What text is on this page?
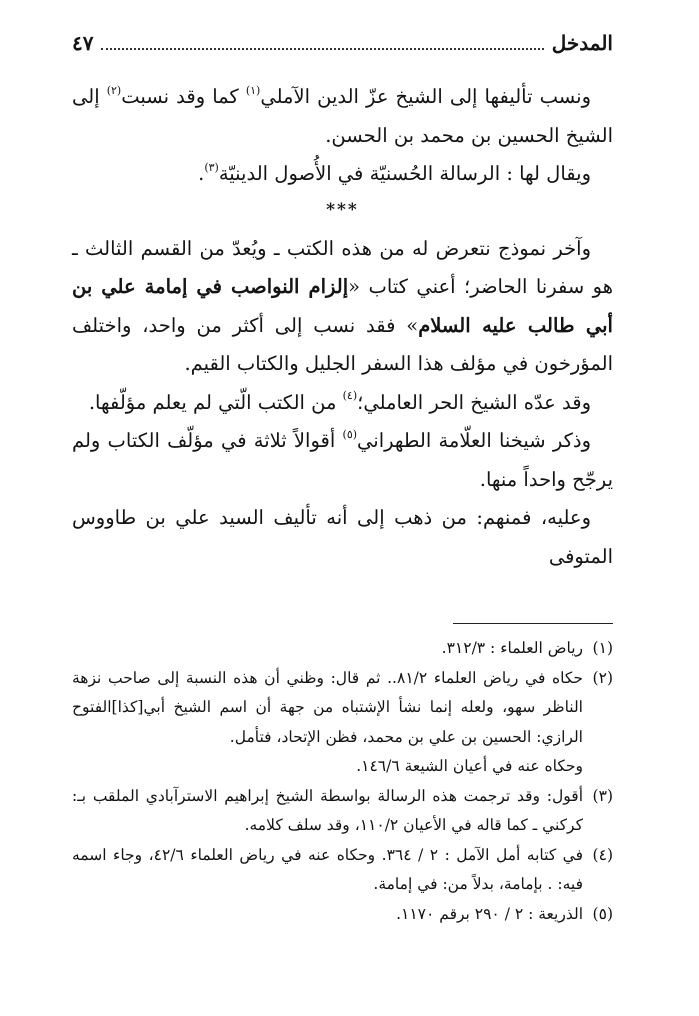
المدخل
٤٧

ونسب تأليفها إلى الشيخ عزّ الدين الآملي$^{(١)}$ كما وقد نسبت$^{(٢)}$ إلى الشيخ الحسين بن محمد بن الحسن.

ويقال لها : الرسالة الحُسنيّة في الأُصول الدينيّة$^{(٣)}$.

***

وآخر نموذج نتعرض له من هذه الكتب ـ ويُعدّ من القسم الثالث ـ هو سفرنا الحاضر؛ أعني كتاب «إلزام النواصب في إمامة علي بن أبي طالب عليه السلام» فقد نسب إلى أكثر من واحد، واختلف المؤرخون في مؤلف هذا السفر الجليل والكتاب القيم.

وقد عدّه الشيخ الحر العاملي؛$^{(٤)}$ من الكتب الّتي لم يعلم مؤلّفها.

وذكر شيخنا العلّامة الطهراني$^{(٥)}$ أقوالاً ثلاثة في مؤلّف الكتاب ولم يرجّح واحداً منها.

وعليه، فمنهم: من ذهب إلى أنه تأليف السيد علي بن طاووس المتوفى

(١)
رياض العلماء : ٣١٢/٣.
(٢)
حكاه في رياض العلماء ٨١/٢.. ثم قال: وظني أن هذه النسبة إلى صاحب نزهة الناظر سهو، ولعله إنما نشأ الإشتباه من جهة أن اسم الشيخ أبي[كذا]الفتوح الرازي: الحسين بن علي بن محمد، فظن الإتحاد، فتأمل.
وحكاه عنه في أعيان الشيعة ١٤٦/٦.
(٣)
أقول: وقد ترجمت هذه الرسالة بواسطة الشيخ إبراهيم الاسترآبادي الملقب بـ: كركني ـ كما قاله في الأعيان ١١٠/٢، وقد سلف كلامه.
(٤)
في كتابه أمل الآمل : ٢ / ٣٦٤. وحكاه عنه في رياض العلماء ٤٢/٦، وجاء اسمه فيه: . بإمامة، بدلاً من: في إمامة.
(٥)
الذريعة : ٢ / ٢٩٠ برقم ١١٧٠.
